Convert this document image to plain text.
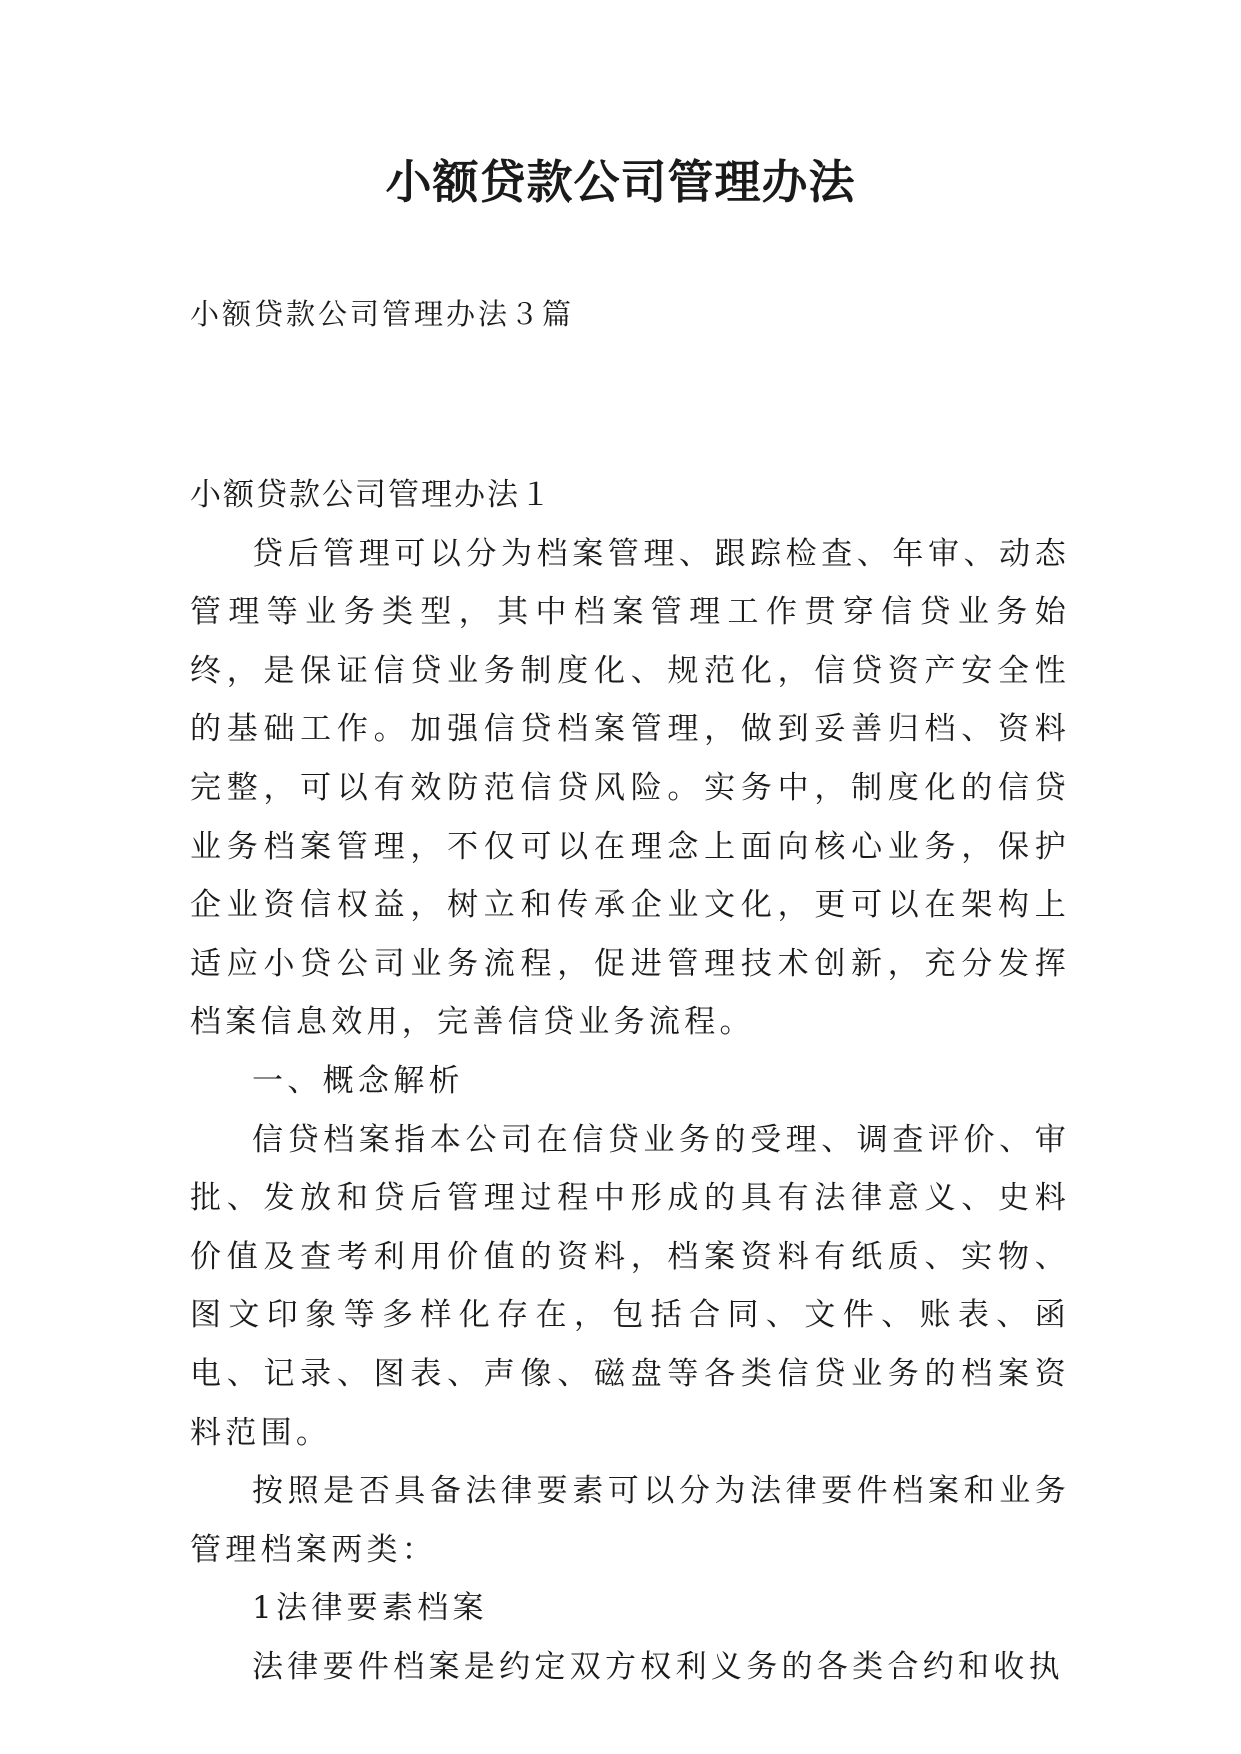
小额贷款公司管理办法

小额贷款公司管理办法３篇

小额贷款公司管理办法１

贷后管理可以分为档案管理、跟踪检查、年审、动态管理等业务类型，其中档案管理工作贯穿信贷业务始终，是保证信贷业务制度化、规范化，信贷资产安全性的基础工作。加强信贷档案管理，做到妥善归档、资料完整，可以有效防范信贷风险。实务中，制度化的信贷业务档案管理，不仅可以在理念上面向核心业务，保护企业资信权益，树立和传承企业文化，更可以在架构上适应小贷公司业务流程，促进管理技术创新，充分发挥档案信息效用，完善信贷业务流程。

一、概念解析

信贷档案指本公司在信贷业务的受理、调查评价、审批、发放和贷后管理过程中形成的具有法律意义、史料价值及查考利用价值的资料，档案资料有纸质、实物、图文印象等多样化存在，包括合同、文件、账表、函电、记录、图表、声像、磁盘等各类信贷业务的档案资料范围。

按照是否具备法律要素可以分为法律要件档案和业务管理档案两类：

1法律要素档案

法律要件档案是约定双方权利义务的各类合约和收执
